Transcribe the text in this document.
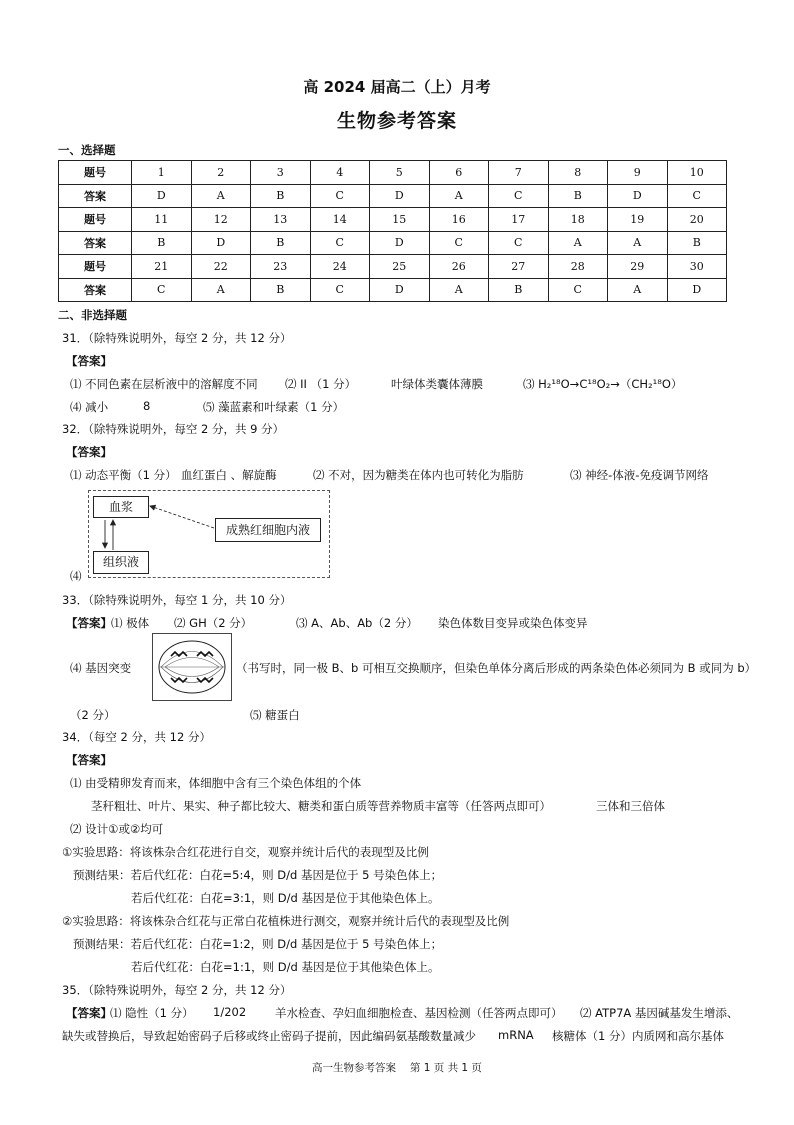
高 2024 届高二（上）月考
生物参考答案
一、选择题
题号	1	2	3	4	5	6	7	8	9	10
答案	D	A	B	C	D	A	C	B	D	C
题号	11	12	13	14	15	16	17	18	19	20
答案	B	D	B	C	D	C	C	A	A	B
题号	21	22	23	24	25	26	27	28	29	30
答案	C	A	B	C	D	A	B	C	A	D
二、非选择题
31．（除特殊说明外，每空 2 分，共 12 分）
【答案】
⑴ 不同色素在层析液中的溶解度不同 ⑵ II （1 分）	叶绿体类囊体薄膜	⑶ H₂¹⁸O→C¹⁸O₂→（CH₂¹⁸O）
⑷ 减小	8	⑸ 藻蓝素和叶绿素（1 分）
32．（除特殊说明外，每空 2 分，共 9 分）
【答案】
⑴ 动态平衡（1 分） 血红蛋白 、解旋酶	⑵ 不对，因为糖类在体内也可转化为脂肪	⑶ 神经-体液-免疫调节网络
⑷
血浆
成熟红细胞内液
组织液
33．（除特殊说明外，每空 1 分，共 10 分）
【答案】 ⑴ 极体 ⑵ GH（2 分）	⑶ A、Ab、Ab（2 分） 染色体数目变异或染色体变异
⑷ 基因突变	（书写时，同一极 B、b 可相互交换顺序，但染色单体分离后形成的两条染色体必须同为 B 或同为 b）
（2 分）	⑸ 糖蛋白
34．（每空 2 分，共 12 分）
【答案】
⑴ 由受精卵发育而来，体细胞中含有三个染色体组的个体
茎秆粗壮、叶片、果实、种子都比较大、糖类和蛋白质等营养物质丰富等（任答两点即可）	三体和三倍体
⑵ 设计①或②均可
①实验思路：将该株杂合红花进行自交，观察并统计后代的表现型及比例
预测结果：若后代红花：白花=5:4，则 D/d 基因是位于 5 号染色体上；
若后代红花：白花=3:1，则 D/d 基因是位于其他染色体上。
②实验思路：将该株杂合红花与正常白花植株进行测交，观察并统计后代的表现型及比例
预测结果：若后代红花：白花=1:2，则 D/d 基因是位于 5 号染色体上；
若后代红花：白花=1:1，则 D/d 基因是位于其他染色体上。
35．（除特殊说明外，每空 2 分，共 12 分）
【答案】
⑴ 隐性（1 分） 1/202	羊水检查、孕妇血细胞检查、基因检测（任答两点即可） ⑵ ATP7A 基因碱基发生增添、
缺失或替换后，导致起始密码子后移或终止密码子提前，因此编码氨基酸数量减少 mRNA 核糖体（1 分） 内质网和高尔基体
高一生物参考答案　 第 1 页 共 1 页
